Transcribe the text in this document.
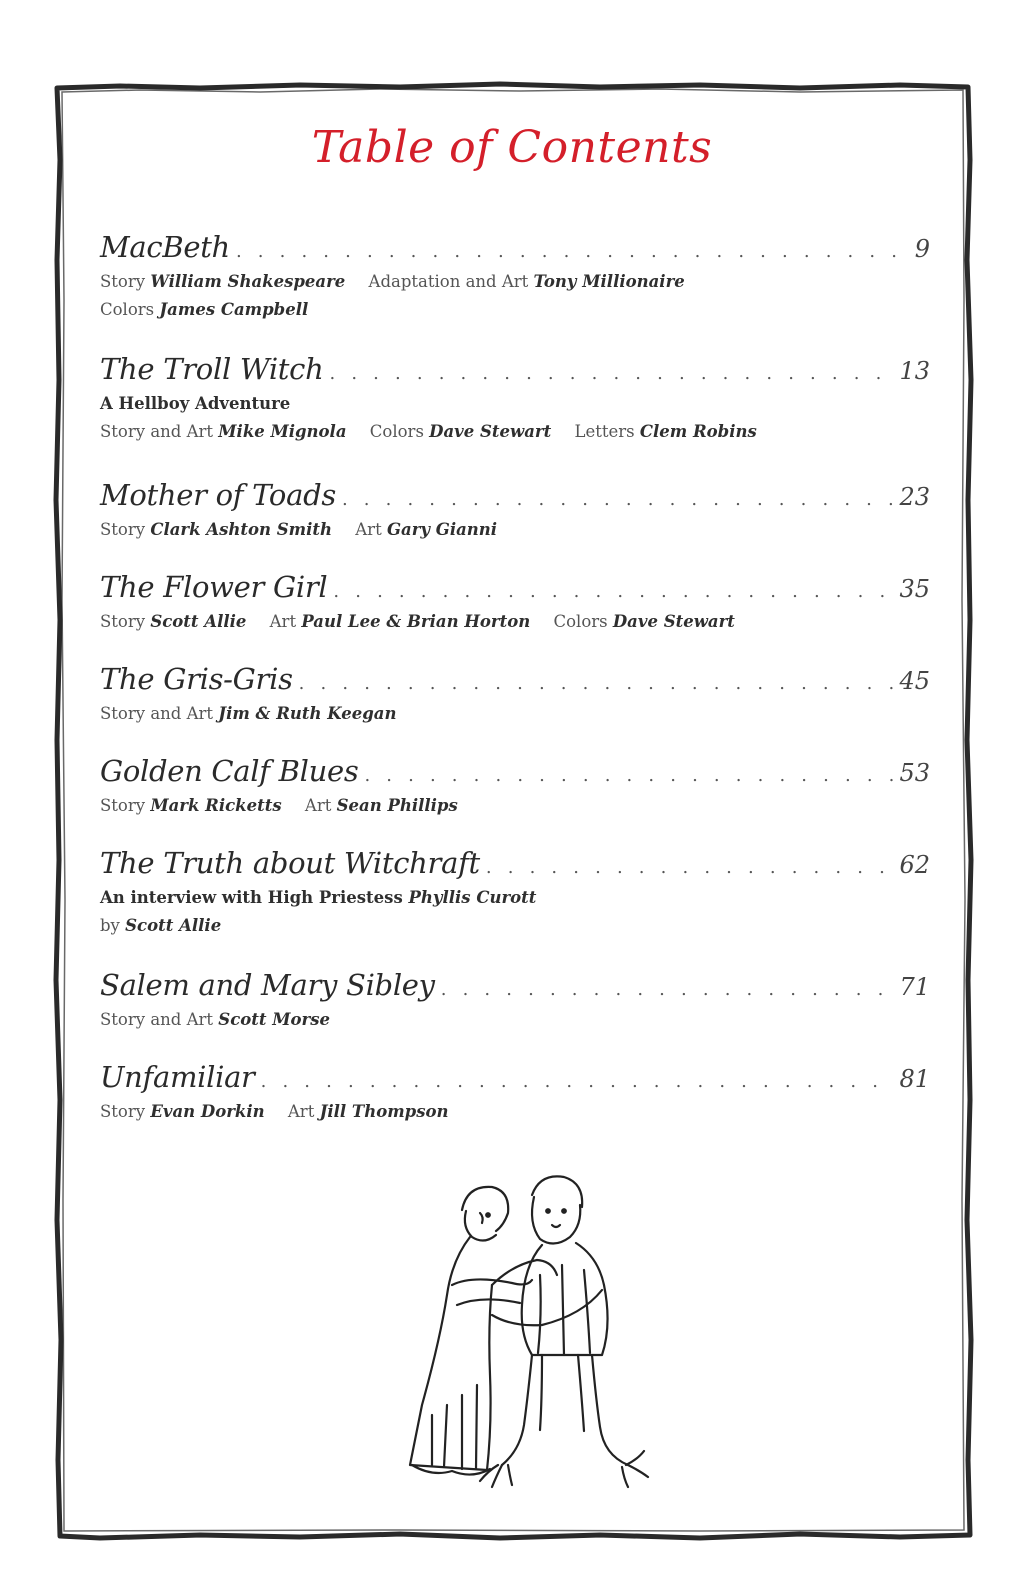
Table of Contents
MacBeth . . .	9
Story William Shakespeare Adaptation and Art Tony Millionaire
Colors James Campbell
The Troll Witch . . .	13
A Hellboy Adventure
Story and Art Mike Mignola Colors Dave Stewart Letters Clem Robins
Mother of Toads . . .	23
Story Clark Ashton Smith Art Gary Gianni
The Flower Girl . . .	35
Story Scott Allie Art Paul Lee & Brian Horton Colors Dave Stewart
The Gris-Gris . . .	45
Story and Art Jim & Ruth Keegan
Golden Calf Blues . . .	53
Story Mark Ricketts Art Sean Phillips
The Truth about Witchraft . . .	62
An interview with High Priestess Phyllis Curott
by Scott Allie
Salem and Mary Sibley . . .	71
Story and Art Scott Morse
Unfamiliar . . .	81
Story Evan Dorkin Art Jill Thompson
